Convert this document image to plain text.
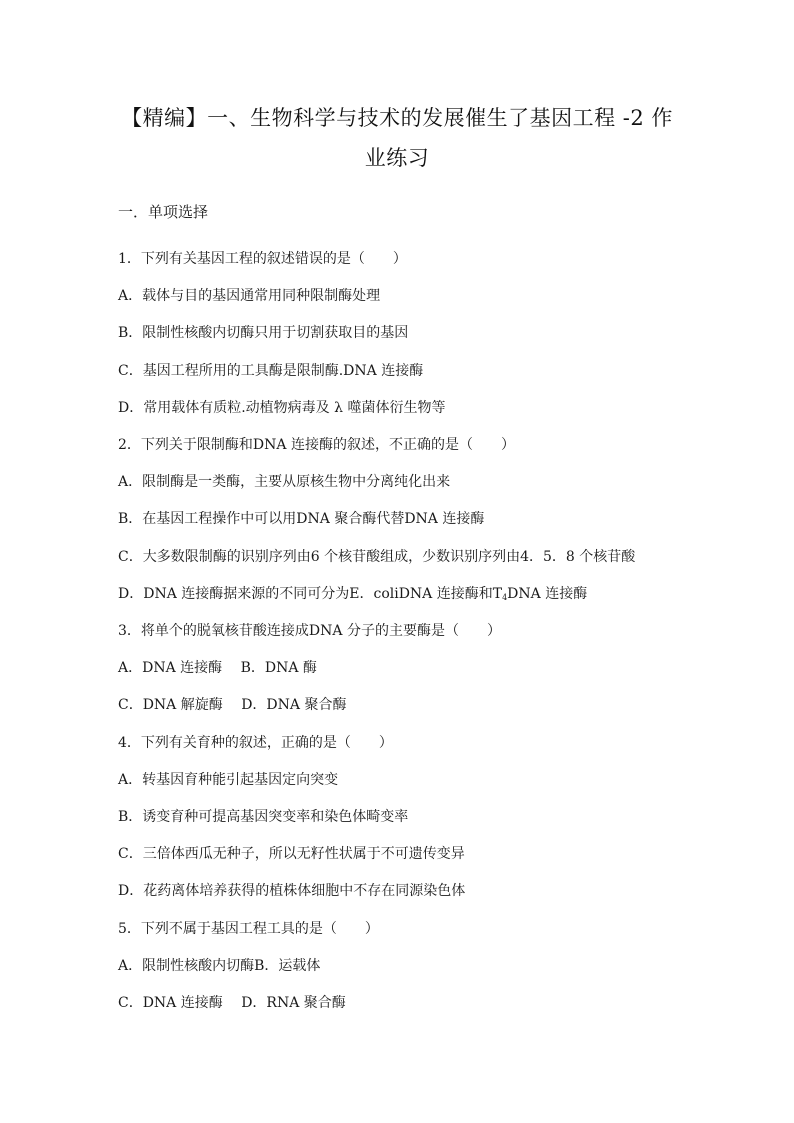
【精编】一、生物科学与技术的发展催生了基因工程 -2 作
业练习
一．单项选择
1．下列有关基因工程的叙述错误的是（　　）
A．载体与目的基因通常用同种限制酶处理
B．限制性核酸内切酶只用于切割获取目的基因
C．基因工程所用的工具酶是限制酶.DNA 连接酶
D．常用载体有质粒.动植物病毒及 λ 噬菌体衍生物等
2．下列关于限制酶和DNA 连接酶的叙述，不正确的是（　　）
A．限制酶是一类酶，主要从原核生物中分离纯化出来
B．在基因工程操作中可以用DNA 聚合酶代替DNA 连接酶
C．大多数限制酶的识别序列由6 个核苷酸组成，少数识别序列由4．5．8 个核苷酸
D．DNA 连接酶据来源的不同可分为E．coliDNA 连接酶和$T_4DNA$ 连接酶
3．将单个的脱氧核苷酸连接成DNA 分子的主要酶是（　　）
A．DNA 连接酶　 B．DNA 酶
C．DNA 解旋酶　 D．DNA 聚合酶
4．下列有关育种的叙述，正确的是（　　）
A．转基因育种能引起基因定向突变
B．诱变育种可提高基因突变率和染色体畸变率
C．三倍体西瓜无种子，所以无籽性状属于不可遗传变异
D．花药离体培养获得的植株体细胞中不存在同源染色体
5．下列不属于基因工程工具的是（　　）
A．限制性核酸内切酶B．运载体
C．DNA 连接酶　 D．RNA 聚合酶
